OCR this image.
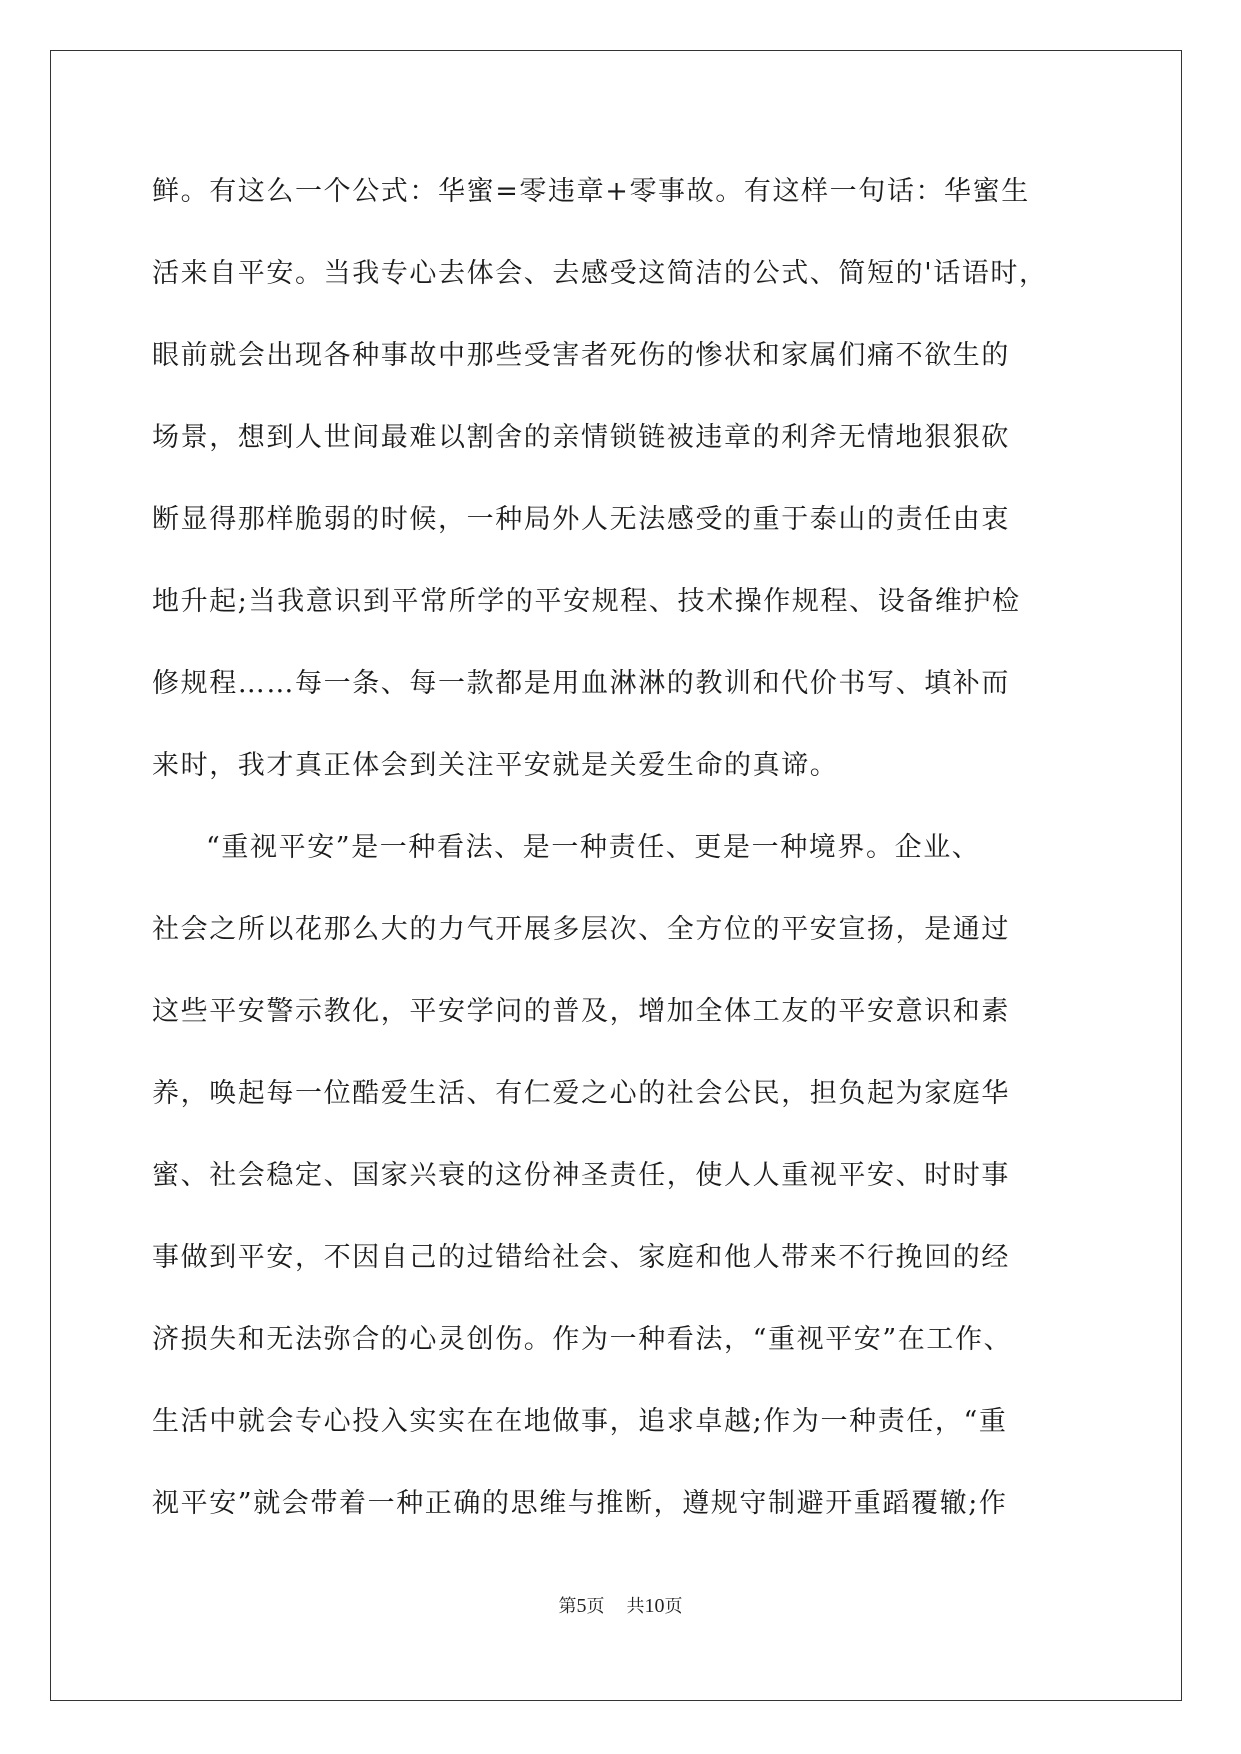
鲜。有这么一个公式：华蜜=零违章+零事故。有这样一句话：华蜜生
活来自平安。当我专心去体会、去感受这简洁的公式、简短的'话语时，
眼前就会出现各种事故中那些受害者死伤的惨状和家属们痛不欲生的
场景，想到人世间最难以割舍的亲情锁链被违章的利斧无情地狠狠砍
断显得那样脆弱的时候，一种局外人无法感受的重于泰山的责任由衷
地升起;当我意识到平常所学的平安规程、技术操作规程、设备维护检
修规程……每一条、每一款都是用血淋淋的教训和代价书写、填补而
来时，我才真正体会到关注平安就是关爱生命的真谛。
“重视平安”是一种看法、是一种责任、更是一种境界。企业、
社会之所以花那么大的力气开展多层次、全方位的平安宣扬，是通过
这些平安警示教化，平安学问的普及，增加全体工友的平安意识和素
养，唤起每一位酷爱生活、有仁爱之心的社会公民，担负起为家庭华
蜜、社会稳定、国家兴衰的这份神圣责任，使人人重视平安、时时事
事做到平安，不因自己的过错给社会、家庭和他人带来不行挽回的经
济损失和无法弥合的心灵创伤。作为一种看法，“重视平安”在工作、
生活中就会专心投入实实在在地做事，追求卓越;作为一种责任，“重
视平安”就会带着一种正确的思维与推断，遵规守制避开重蹈覆辙;作
第5页 共10页
